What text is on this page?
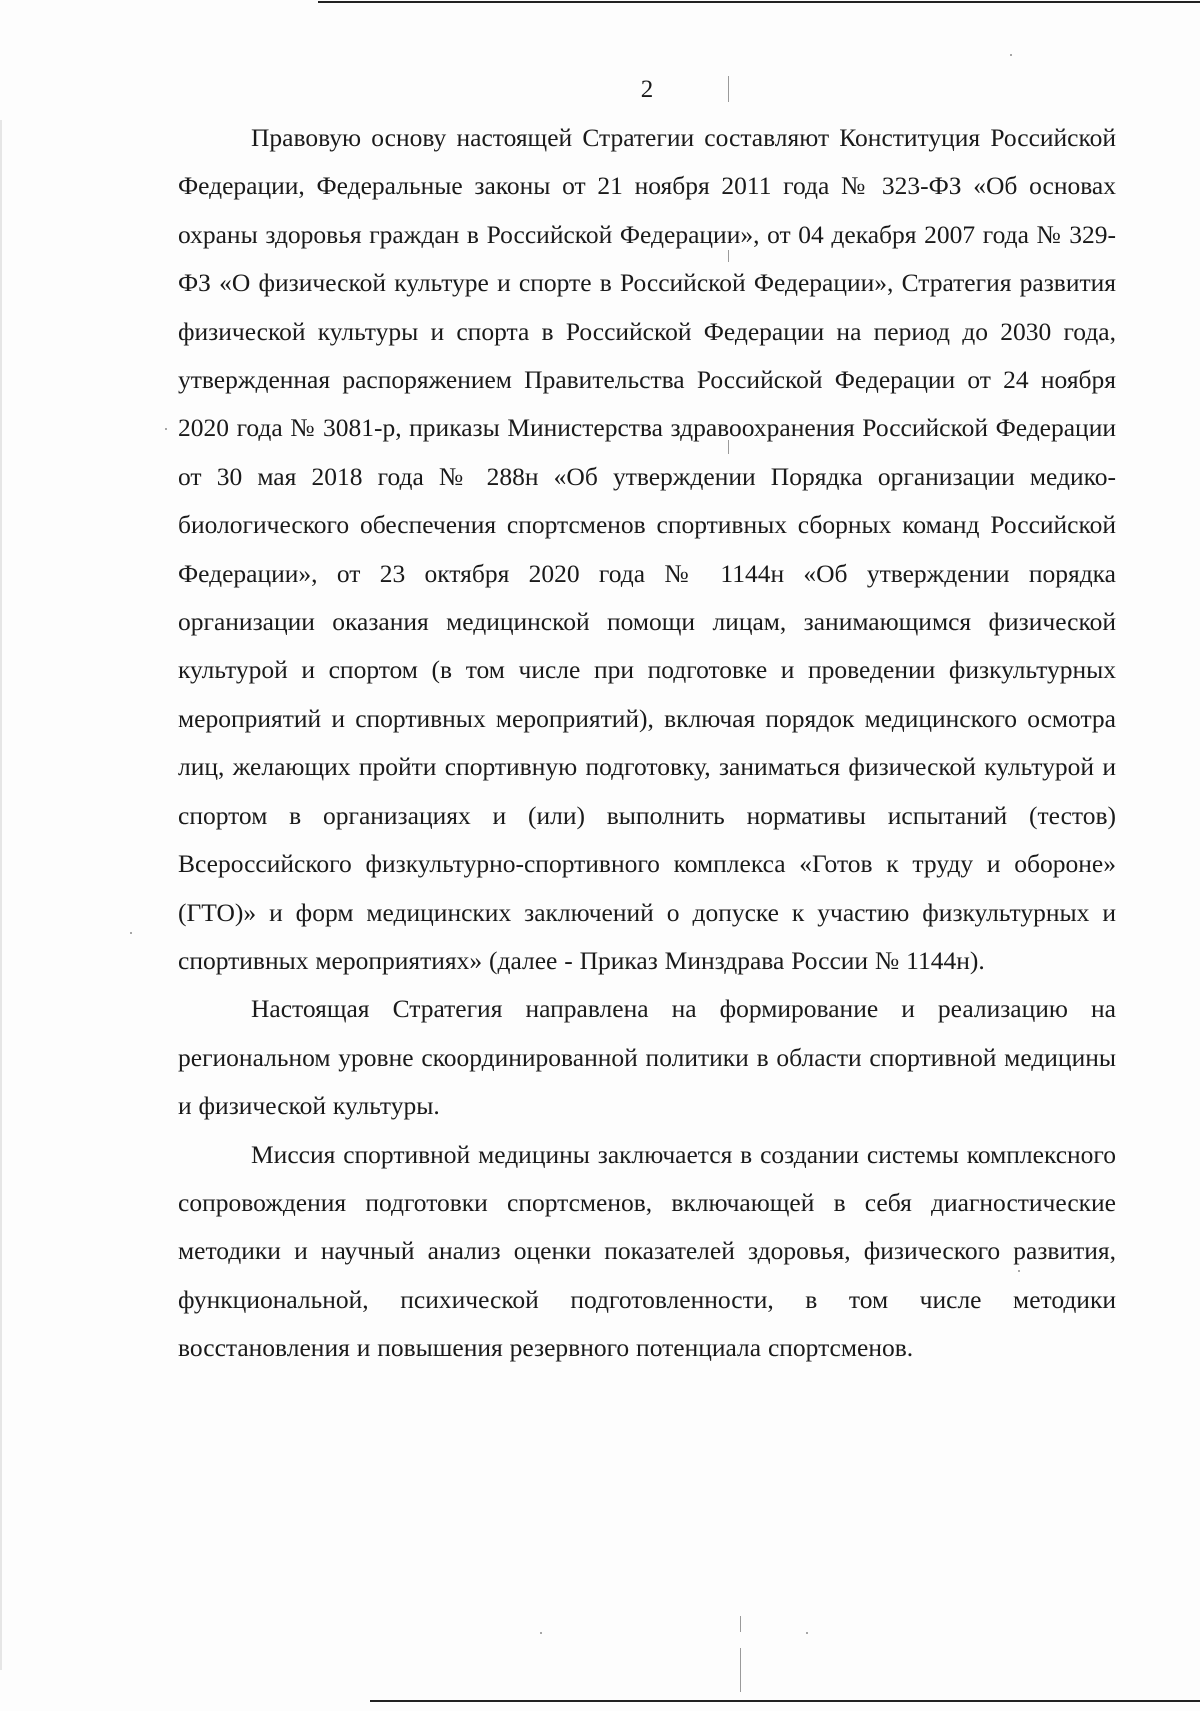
2

Правовую основу настоящей Стратегии составляют Конституция Российской Федерации, Федеральные законы от 21 ноября 2011 года № 323-ФЗ «Об основах охраны здоровья граждан в Российской Федерации», от 04 декабря 2007 года № 329-ФЗ «О физической культуре и спорте в Российской Федерации», Стратегия развития физической культуры и спорта в Российской Федерации на период до 2030 года, утвержденная распоряжением Правительства Российской Федерации от 24 ноября 2020 года № 3081-р, приказы Министерства здравоохранения Российской Федерации от 30 мая 2018 года № 288н «Об утверждении Порядка организации медико-биологического обеспечения спортсменов спортивных сборных команд Российской Федерации», от 23 октября 2020 года № 1144н «Об утверждении порядка организации оказания медицинской помощи лицам, занимающимся физической культурой и спортом (в том числе при подготовке и проведении физкультурных мероприятий и спортивных мероприятий), включая порядок медицинского осмотра лиц, желающих пройти спортивную подготовку, заниматься физической культурой и спортом в организациях и (или) выполнить нормативы испытаний (тестов) Всероссийского физкультурно-спортивного комплекса «Готов к труду и обороне» (ГТО)» и форм медицинских заключений о допуске к участию физкультурных и спортивных мероприятиях» (далее - Приказ Минздрава России № 1144н).

Настоящая Стратегия направлена на формирование и реализацию на региональном уровне скоординированной политики в области спортивной медицины и физической культуры.

Миссия спортивной медицины заключается в создании системы комплексного сопровождения подготовки спортсменов, включающей в себя диагностические методики и научный анализ оценки показателей здоровья, физического развития, функциональной, психической подготовленности, в том числе методики восстановления и повышения резервного потенциала спортсменов.
